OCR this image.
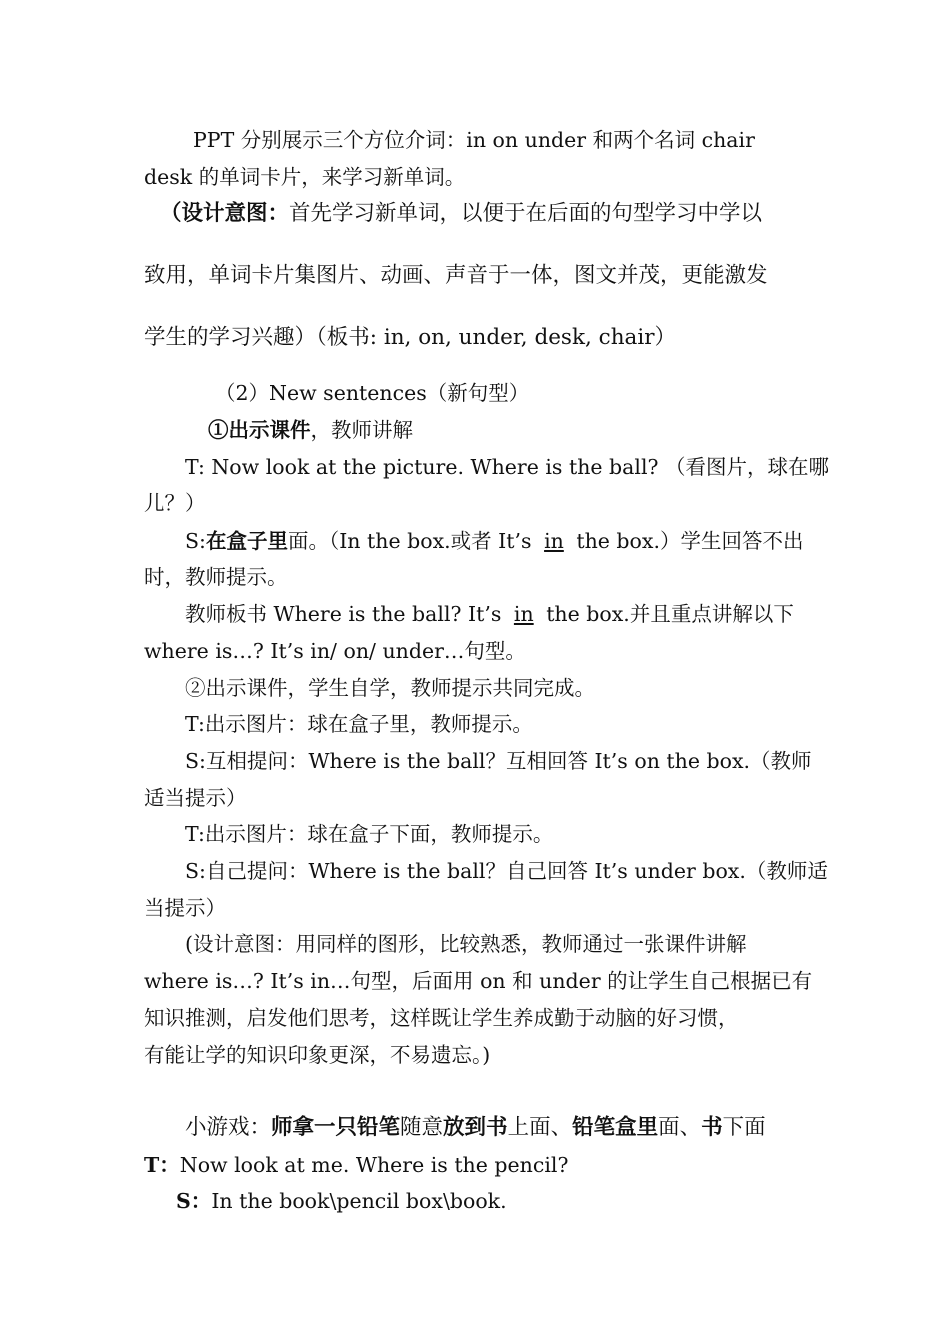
PPT 分别展示三个方位介词：in on under 和两个名词 chair
desk 的单词卡片，来学习新单词。
（设计意图：首先学习新单词，以便于在后面的句型学习中学以
致用，单词卡片集图片、动画、声音于一体，图文并茂，更能激发
学生的学习兴趣）（板书: in, on, under, desk, chair）
（2）New sentences（新句型）
①出示课件，教师讲解
T: Now look at the picture. Where is the ball? （看图片，球在哪
儿？）
S:在盒子里面。（In the box.或者 It’s in the box.）学生回答不出
时，教师提示。
教师板书 Where is the ball? It’s in the box.并且重点讲解以下
where is…? It’s in/ on/ under…句型。
②出示课件，学生自学，教师提示共同完成。
T:出示图片：球在盒子里，教师提示。
S:互相提问：Where is the ball？互相回答 It’s on the box.（教师
适当提示）
T:出示图片：球在盒子下面，教师提示。
S:自己提问：Where is the ball？自己回答 It’s under box.（教师适
当提示）
(设计意图：用同样的图形，比较熟悉，教师通过一张课件讲解
where is…? It’s in…句型，后面用 on 和 under 的让学生自己根据已有
知识推测，启发他们思考，这样既让学生养成勤于动脑的好习惯，
有能让学的知识印象更深，不易遗忘。)
小游戏：师拿一只铅笔随意放到书上面、铅笔盒里面、书下面
T：Now look at me. Where is the pencil?
S：In the book\pencil box\book.
